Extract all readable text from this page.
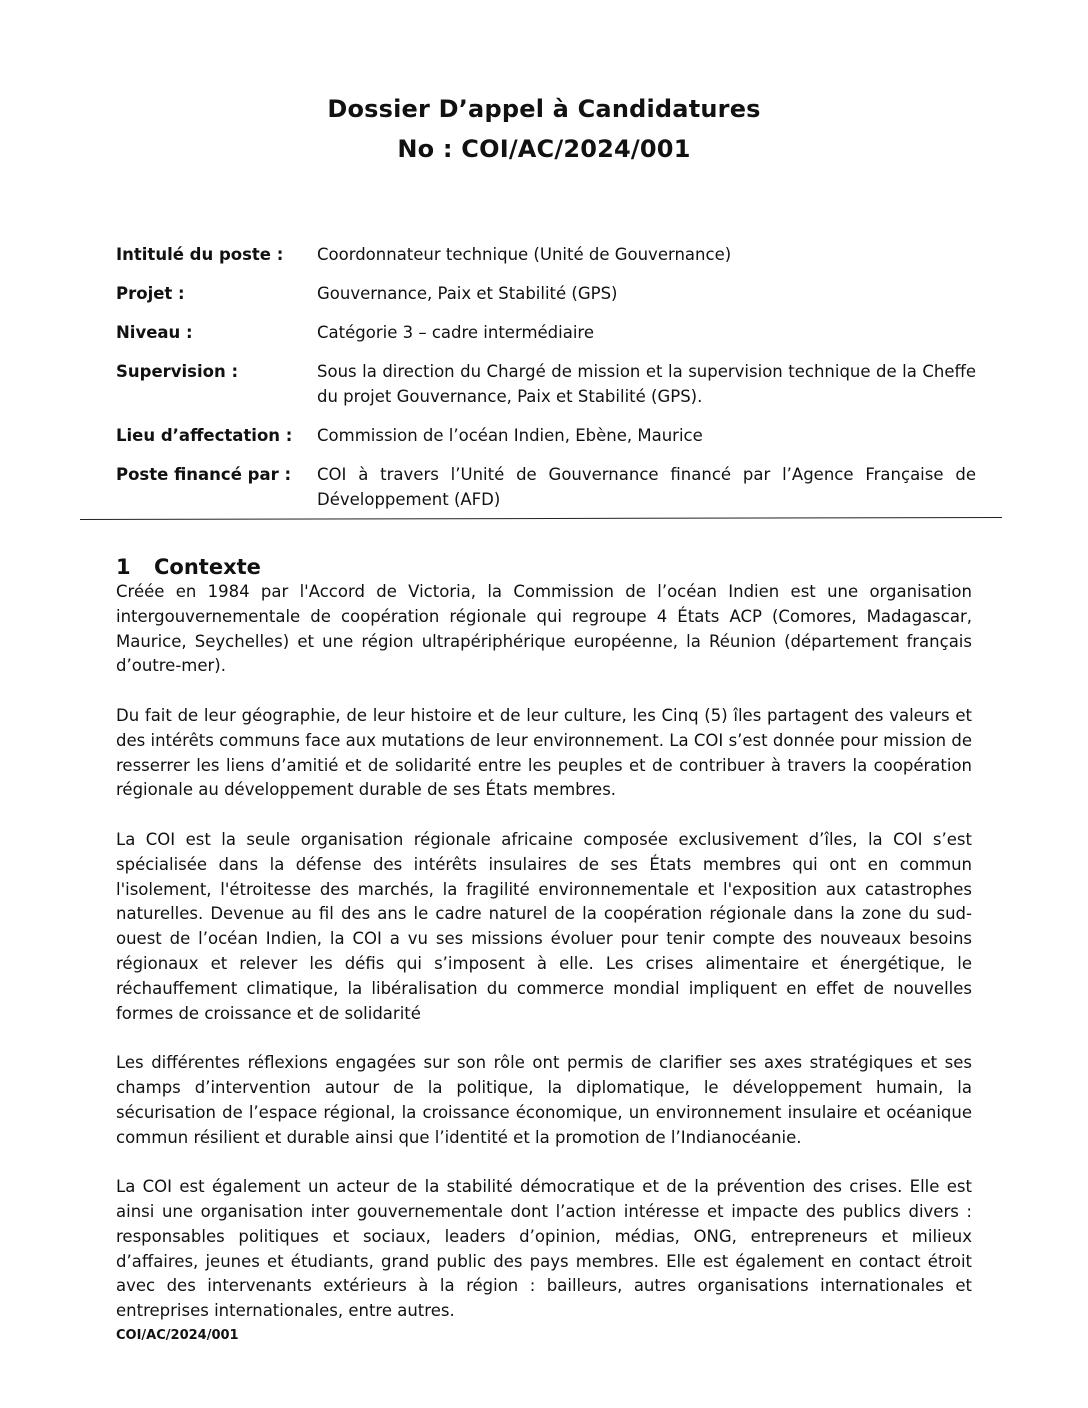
Dossier D’appel à Candidatures
No : COI/AC/2024/001
Intitulé du poste :	Coordonnateur technique (Unité de Gouvernance)
Projet :	Gouvernance, Paix et Stabilité (GPS)
Niveau :	Catégorie 3 – cadre intermédiaire
Supervision :	Sous la direction du Chargé de mission et la supervision technique de la Cheffe du projet Gouvernance, Paix et Stabilité (GPS).
Lieu d’affectation :	Commission de l’océan Indien, Ebène, Maurice
Poste financé par :	COI à travers l’Unité de Gouvernance financé par l’Agence Française de Développement (AFD)
1 Contexte

Créée en 1984 par l'Accord de Victoria, la Commission de l’océan Indien est une organisation intergouvernementale de coopération régionale qui regroupe 4 États ACP (Comores, Madagascar, Maurice, Seychelles) et une région ultrapériphérique européenne, la Réunion (département français d’outre-mer).

Du fait de leur géographie, de leur histoire et de leur culture, les Cinq (5) îles partagent des valeurs et des intérêts communs face aux mutations de leur environnement. La COI s’est donnée pour mission de resserrer les liens d’amitié et de solidarité entre les peuples et de contribuer à travers la coopération régionale au développement durable de ses États membres.

La COI est la seule organisation régionale africaine composée exclusivement d’îles, la COI s’est spécialisée dans la défense des intérêts insulaires de ses États membres qui ont en commun l'isolement, l'étroitesse des marchés, la fragilité environnementale et l'exposition aux catastrophes naturelles. Devenue au fil des ans le cadre naturel de la coopération régionale dans la zone du sud-ouest de l’océan Indien, la COI a vu ses missions évoluer pour tenir compte des nouveaux besoins régionaux et relever les défis qui s’imposent à elle. Les crises alimentaire et énergétique, le réchauffement climatique, la libéralisation du commerce mondial impliquent en effet de nouvelles formes de croissance et de solidarité

Les différentes réflexions engagées sur son rôle ont permis de clarifier ses axes stratégiques et ses champs d’intervention autour de la politique, la diplomatique, le développement humain, la sécurisation de l’espace régional, la croissance économique, un environnement insulaire et océanique commun résilient et durable ainsi que l’identité et la promotion de l’Indianocéanie.

La COI est également un acteur de la stabilité démocratique et de la prévention des crises. Elle est ainsi une organisation inter gouvernementale dont l’action intéresse et impacte des publics divers : responsables politiques et sociaux, leaders d’opinion, médias, ONG, entrepreneurs et milieux d’affaires, jeunes et étudiants, grand public des pays membres. Elle est également en contact étroit avec des intervenants extérieurs à la région : bailleurs, autres organisations internationales et entreprises internationales, entre autres.

COI/AC/2024/001
